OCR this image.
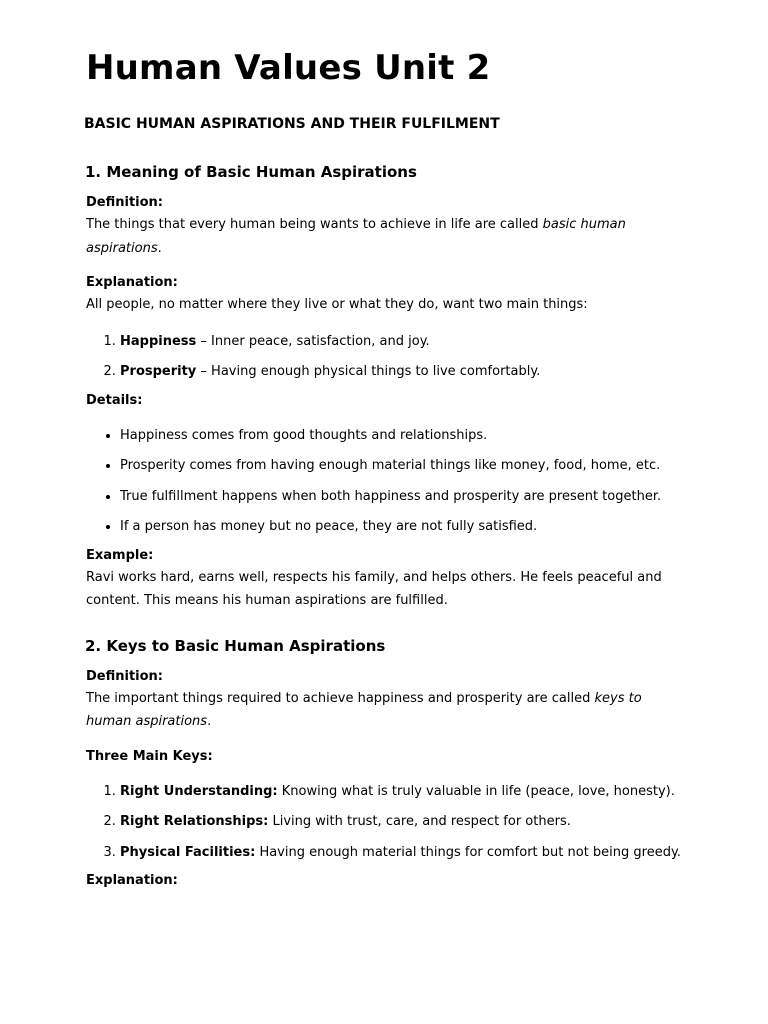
Human Values Unit 2
BASIC HUMAN ASPIRATIONS AND THEIR FULFILMENT
1. Meaning of Basic Human Aspirations
Definition:

The things that every human being wants to achieve in life are called basic human aspirations.

Explanation:

All people, no matter where they live or what they do, want two main things:

1. Happiness – Inner peace, satisfaction, and joy.
2. Prosperity – Having enough physical things to live comfortably.
Details:
• Happiness comes from good thoughts and relationships.
• Prosperity comes from having enough material things like money, food, home, etc.
• True fulfillment happens when both happiness and prosperity are present together.
• If a person has money but no peace, they are not fully satisfied.
Example:

Ravi works hard, earns well, respects his family, and helps others. He feels peaceful and content. This means his human aspirations are fulfilled.

2. Keys to Basic Human Aspirations
Definition:

The important things required to achieve happiness and prosperity are called keys to human aspirations.

Three Main Keys:
1. Right Understanding: Knowing what is truly valuable in life (peace, love, honesty).
2. Right Relationships: Living with trust, care, and respect for others.
3. Physical Facilities: Having enough material things for comfort but not being greedy.
Explanation:
